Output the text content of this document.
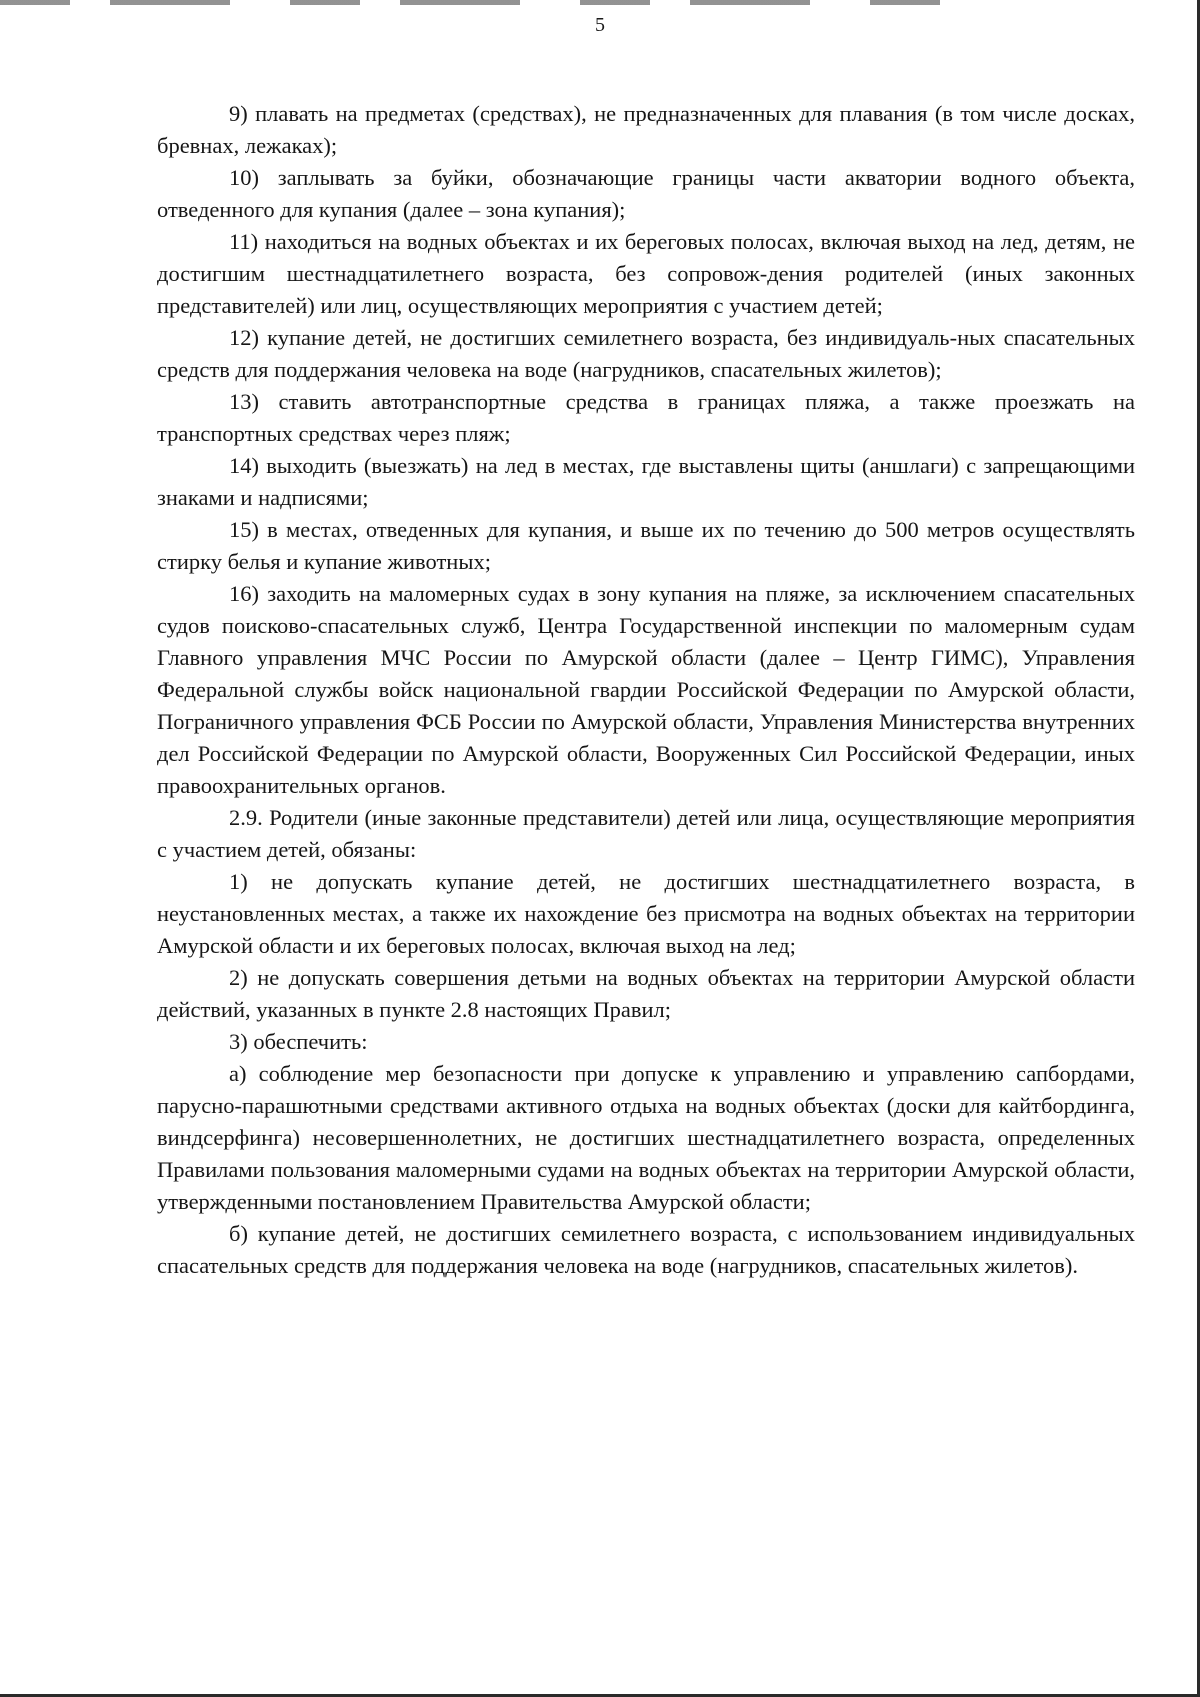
5

9) плавать на предметах (средствах), не предназначенных для плавания (в том числе досках, бревнах, лежаках);

10) заплывать за буйки, обозначающие границы части акватории водного объекта, отведенного для купания (далее – зона купания);

11) находиться на водных объектах и их береговых полосах, включая выход на лед, детям, не достигшим шестнадцатилетнего возраста, без сопровож-дения родителей (иных законных представителей) или лиц, осуществляющих мероприятия с участием детей;

12) купание детей, не достигших семилетнего возраста, без индивидуаль-ных спасательных средств для поддержания человека на воде (нагрудников, спасательных жилетов);

13) ставить автотранспортные средства в границах пляжа, а также проезжать на транспортных средствах через пляж;

14) выходить (выезжать) на лед в местах, где выставлены щиты (аншлаги) с запрещающими знаками и надписями;

15) в местах, отведенных для купания, и выше их по течению до 500 метров осуществлять стирку белья и купание животных;

16) заходить на маломерных судах в зону купания на пляже, за исключением спасательных судов поисково-спасательных служб, Центра Государственной инспекции по маломерным судам Главного управления МЧС России по Амурской области (далее – Центр ГИМС), Управления Федеральной службы войск национальной гвардии Российской Федерации по Амурской области, Пограничного управления ФСБ России по Амурской области, Управления Министерства внутренних дел Российской Федерации по Амурской области, Вооруженных Сил Российской Федерации, иных правоохранительных органов.

2.9. Родители (иные законные представители) детей или лица, осуществляющие мероприятия с участием детей, обязаны:

1) не допускать купание детей, не достигших шестнадцатилетнего возраста, в неустановленных местах, а также их нахождение без присмотра на водных объектах на территории Амурской области и их береговых полосах, включая выход на лед;

2) не допускать совершения детьми на водных объектах на территории Амурской области действий, указанных в пункте 2.8 настоящих Правил;

3) обеспечить:

а) соблюдение мер безопасности при допуске к управлению и управлению сапбордами, парусно-парашютными средствами активного отдыха на водных объектах (доски для кайтбординга, виндсерфинга) несовершеннолетних, не достигших шестнадцатилетнего возраста, определенных Правилами пользования маломерными судами на водных объектах на территории Амурской области, утвержденными постановлением Правительства Амурской области;

б) купание детей, не достигших семилетнего возраста, с использованием индивидуальных спасательных средств для поддержания человека на воде (нагрудников, спасательных жилетов).
